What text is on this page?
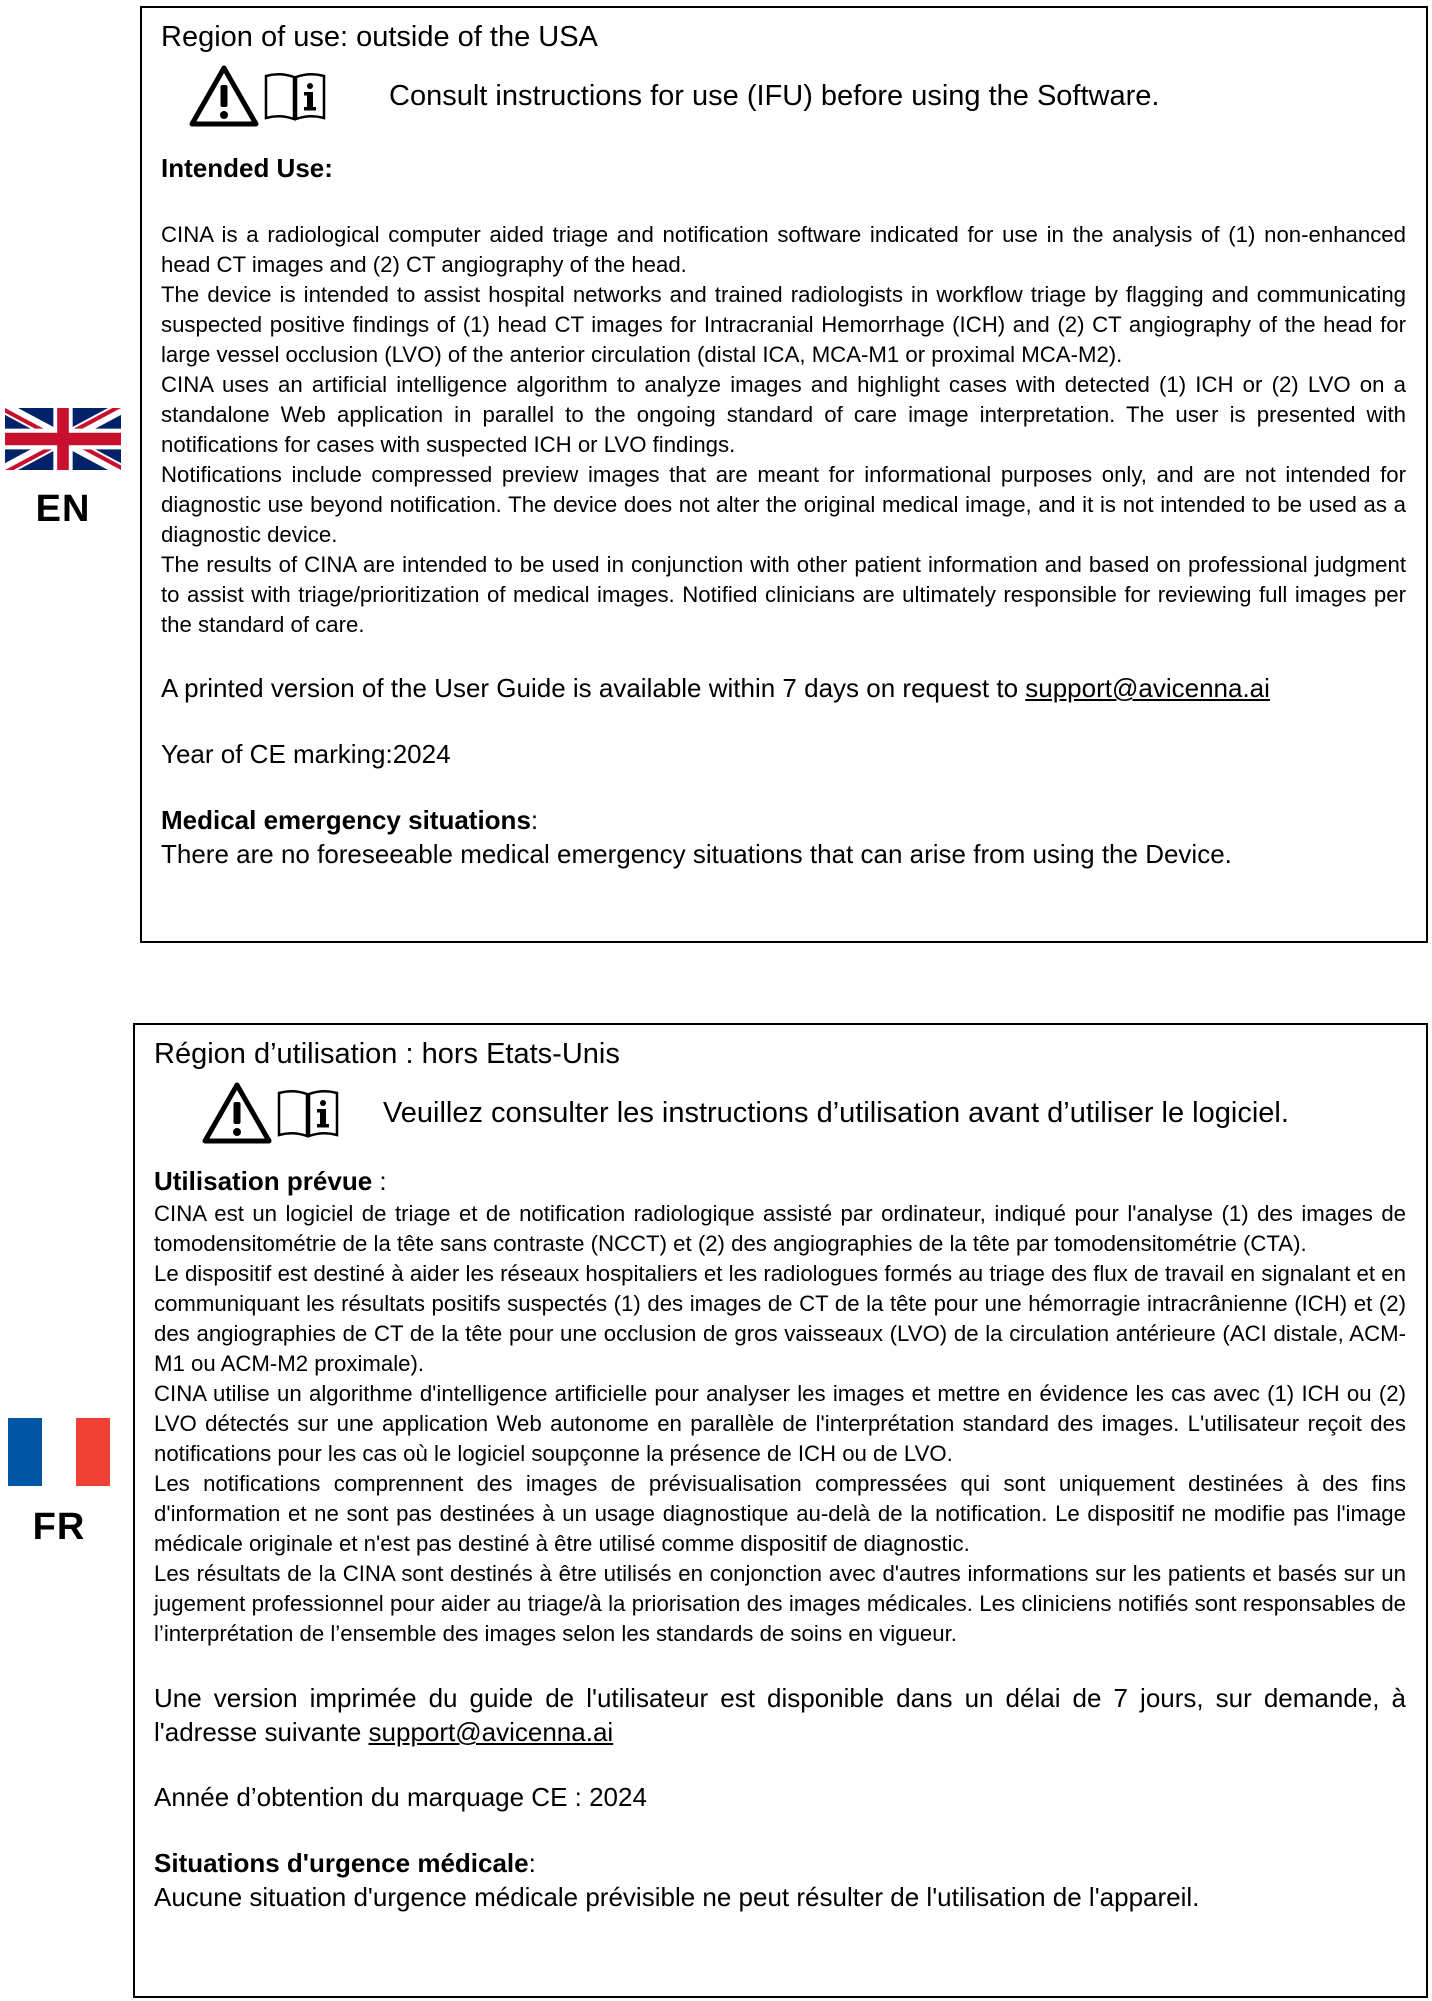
EN

Region of use: outside of the USA

Consult instructions for use (IFU) before using the Software.
Intended Use:

CINA is a radiological computer aided triage and notification software indicated for use in the analysis of (1) non-enhanced head CT images and (2) CT angiography of the head.

The device is intended to assist hospital networks and trained radiologists in workflow triage by flagging and communicating suspected positive findings of (1) head CT images for Intracranial Hemorrhage (ICH) and (2) CT angiography of the head for large vessel occlusion (LVO) of the anterior circulation (distal ICA, MCA-M1 or proximal MCA-M2).

CINA uses an artificial intelligence algorithm to analyze images and highlight cases with detected (1) ICH or (2) LVO on a standalone Web application in parallel to the ongoing standard of care image interpretation. The user is presented with notifications for cases with suspected ICH or LVO findings.

Notifications include compressed preview images that are meant for informational purposes only, and are not intended for diagnostic use beyond notification. The device does not alter the original medical image, and it is not intended to be used as a diagnostic device.

The results of CINA are intended to be used in conjunction with other patient information and based on professional judgment to assist with triage/prioritization of medical images. Notified clinicians are ultimately responsible for reviewing full images per the standard of care.

A printed version of the User Guide is available within 7 days on request to support@avicenna.ai

Year of CE marking:2024

Medical emergency situations:

There are no foreseeable medical emergency situations that can arise from using the Device.

FR

Région d’utilisation : hors Etats-Unis

Veuillez consulter les instructions d’utilisation avant d’utiliser le logiciel.
Utilisation prévue :

CINA est un logiciel de triage et de notification radiologique assisté par ordinateur, indiqué pour l'analyse (1) des images de tomodensitométrie de la tête sans contraste (NCCT) et (2) des angiographies de la tête par tomodensitométrie (CTA).

Le dispositif est destiné à aider les réseaux hospitaliers et les radiologues formés au triage des flux de travail en signalant et en communiquant les résultats positifs suspectés (1) des images de CT de la tête pour une hémorragie intracrânienne (ICH) et (2) des angiographies de CT de la tête pour une occlusion de gros vaisseaux (LVO) de la circulation antérieure (ACI distale, ACM-M1 ou ACM-M2 proximale).

CINA utilise un algorithme d'intelligence artificielle pour analyser les images et mettre en évidence les cas avec (1) ICH ou (2) LVO détectés sur une application Web autonome en parallèle de l'interprétation standard des images. L'utilisateur reçoit des notifications pour les cas où le logiciel soupçonne la présence de ICH ou de LVO.

Les notifications comprennent des images de prévisualisation compressées qui sont uniquement destinées à des fins d'information et ne sont pas destinées à un usage diagnostique au-delà de la notification. Le dispositif ne modifie pas l'image médicale originale et n'est pas destiné à être utilisé comme dispositif de diagnostic.

Les résultats de la CINA sont destinés à être utilisés en conjonction avec d'autres informations sur les patients et basés sur un jugement professionnel pour aider au triage/à la priorisation des images médicales. Les cliniciens notifiés sont responsables de l’interprétation de l’ensemble des images selon les standards de soins en vigueur.

Une version imprimée du guide de l'utilisateur est disponible dans un délai de 7 jours, sur demande, à l'adresse suivante support@avicenna.ai

Année d’obtention du marquage CE : 2024

Situations d'urgence médicale:

Aucune situation d'urgence médicale prévisible ne peut résulter de l'utilisation de l'appareil.
